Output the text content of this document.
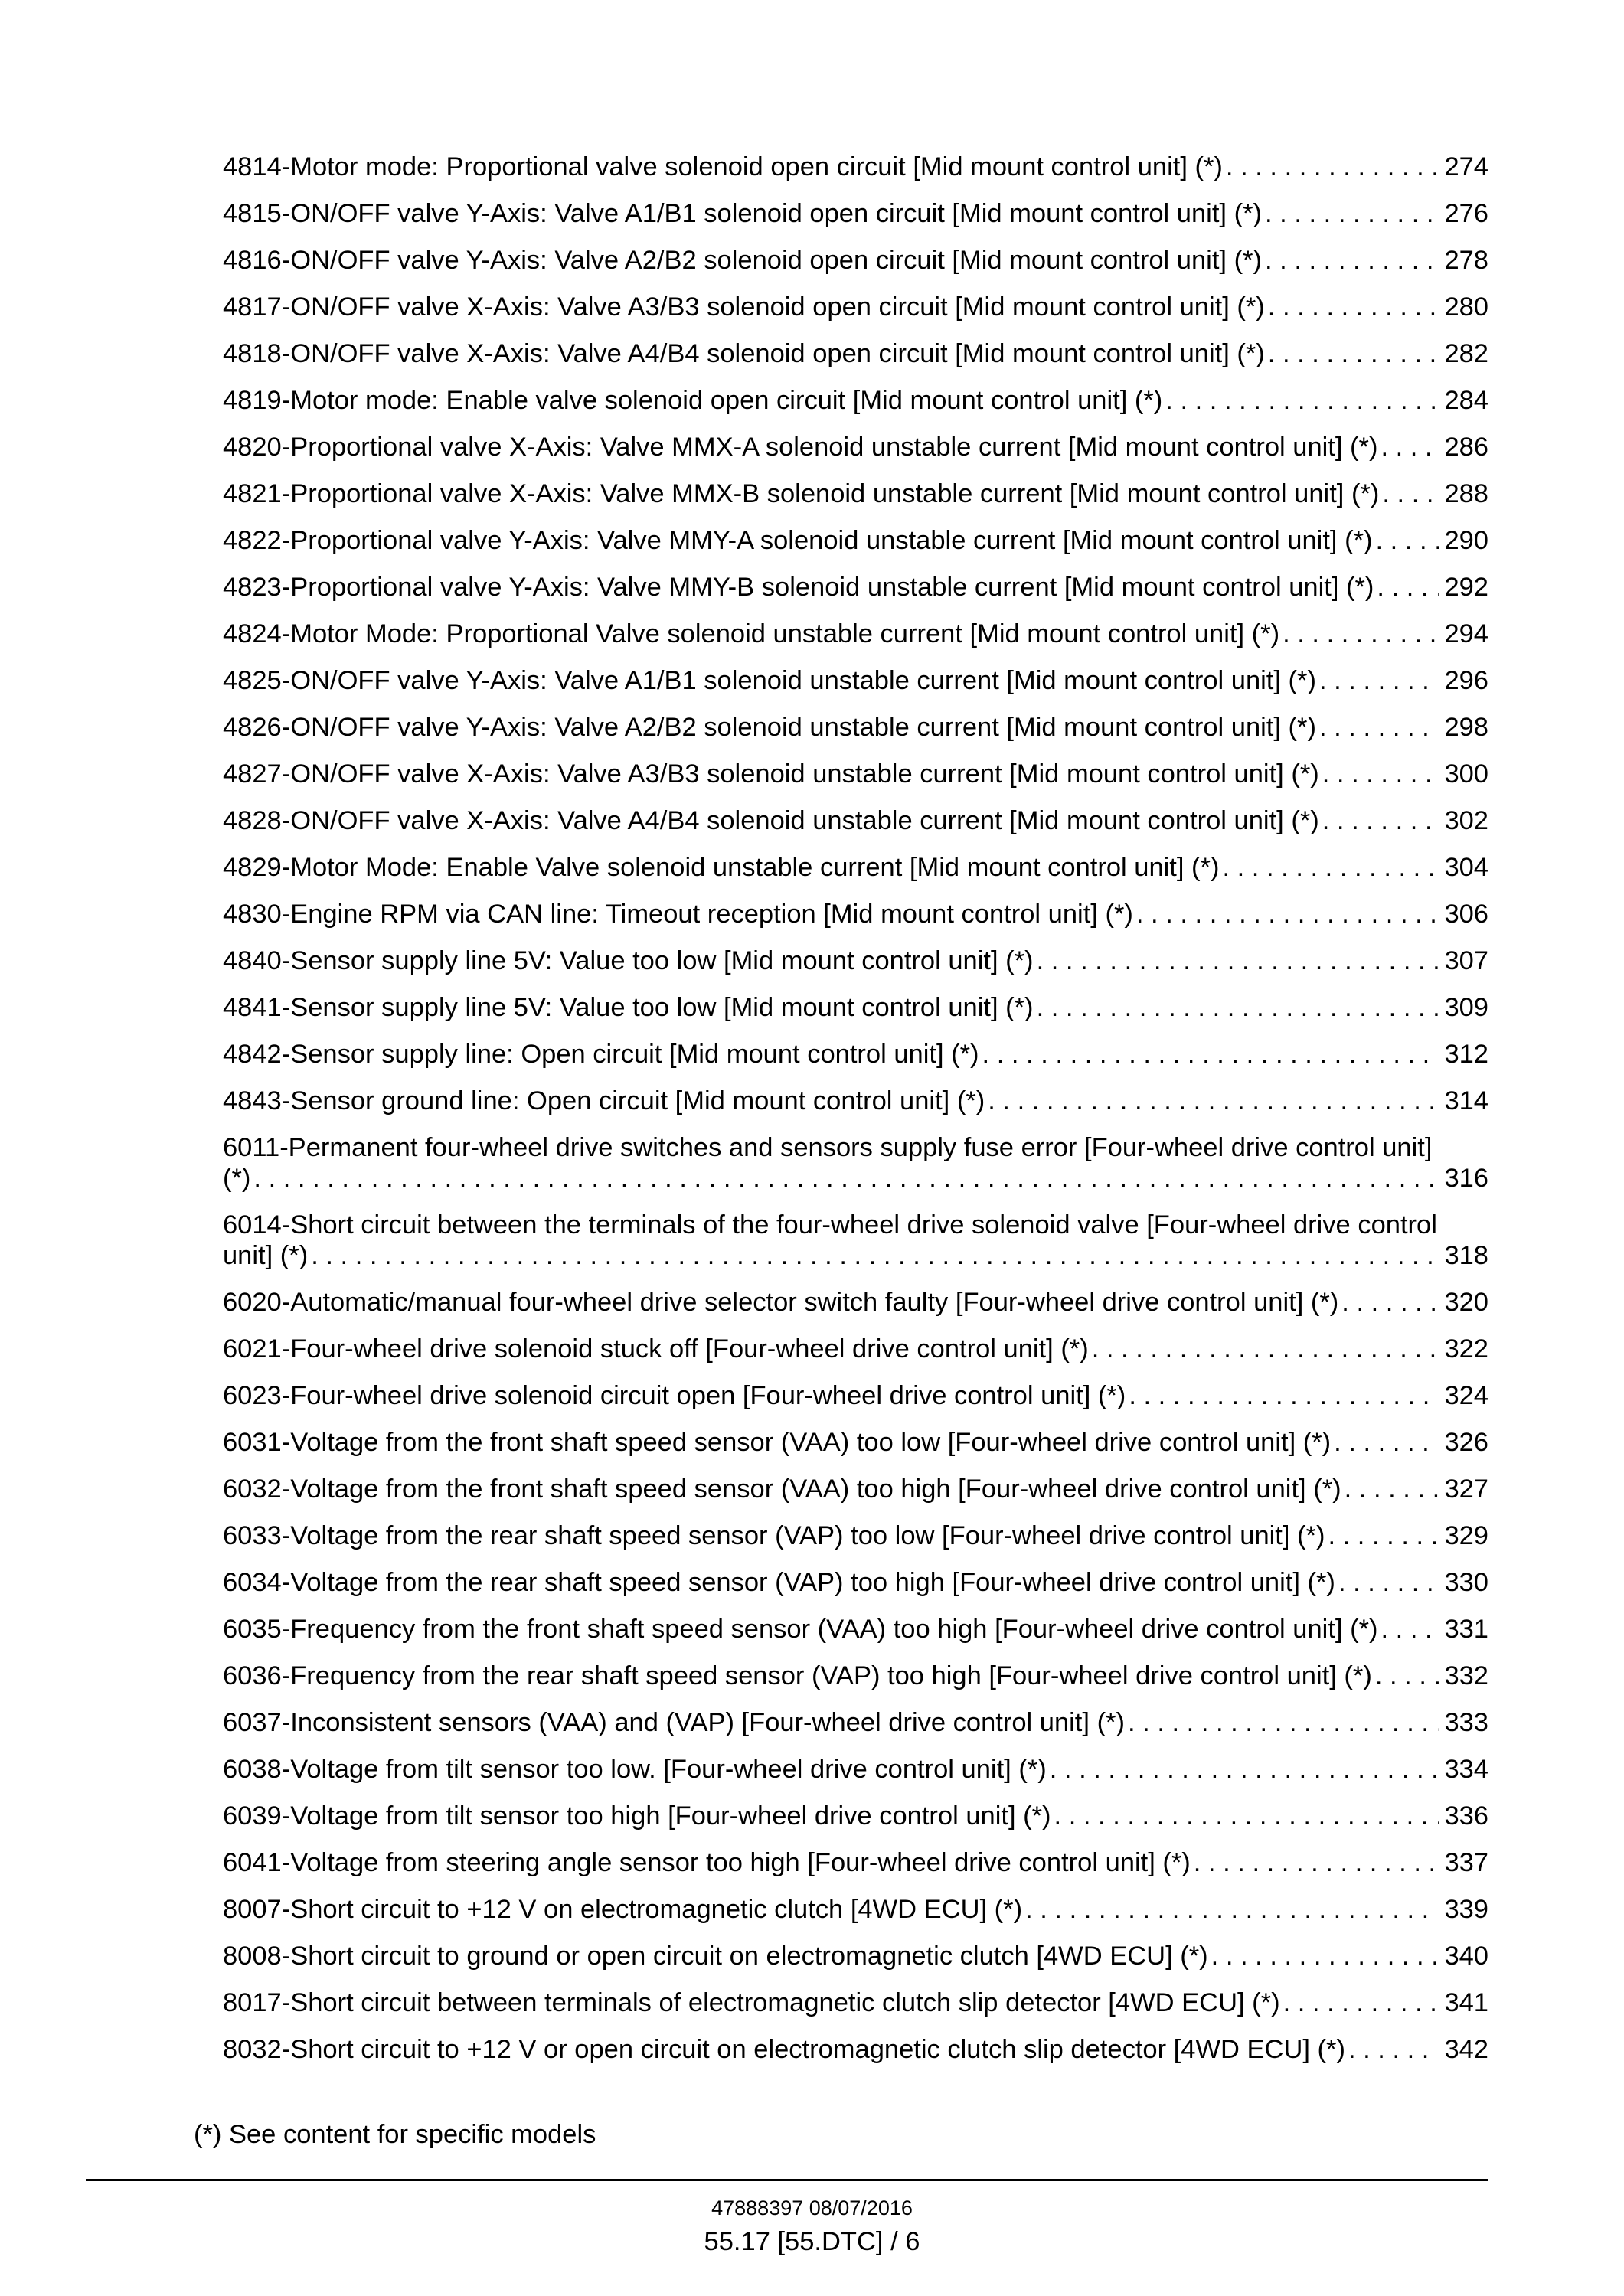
4814-Motor mode: Proportional valve solenoid open circuit [Mid mount control unit] (*) . . .	274
4815-ON/OFF valve Y-Axis: Valve A1/B1 solenoid open circuit [Mid mount control unit] (*) . . .	276
4816-ON/OFF valve Y-Axis: Valve A2/B2 solenoid open circuit [Mid mount control unit] (*) . . .	278
4817-ON/OFF valve X-Axis: Valve A3/B3 solenoid open circuit [Mid mount control unit] (*) . . .	280
4818-ON/OFF valve X-Axis: Valve A4/B4 solenoid open circuit [Mid mount control unit] (*) . . .	282
4819-Motor mode: Enable valve solenoid open circuit [Mid mount control unit] (*) . . .	284
4820-Proportional valve X-Axis: Valve MMX-A solenoid unstable current [Mid mount control unit] (*) . . .	286
4821-Proportional valve X-Axis: Valve MMX-B solenoid unstable current [Mid mount control unit] (*) . . . 288
4822-Proportional valve Y-Axis: Valve MMY-A solenoid unstable current [Mid mount control unit] (*) . . .	290
4823-Proportional valve Y-Axis: Valve MMY-B solenoid unstable current [Mid mount control unit] (*) . . .	292
4824-Motor Mode: Proportional Valve solenoid unstable current [Mid mount control unit] (*) . . .	294
4825-ON/OFF valve Y-Axis: Valve A1/B1 solenoid unstable current [Mid mount control unit] (*) . . .	296
4826-ON/OFF valve Y-Axis: Valve A2/B2 solenoid unstable current [Mid mount control unit] (*) . . .	298
4827-ON/OFF valve X-Axis: Valve A3/B3 solenoid unstable current [Mid mount control unit] (*) . . .	300
4828-ON/OFF valve X-Axis: Valve A4/B4 solenoid unstable current [Mid mount control unit] (*) . . .	302
4829-Motor Mode: Enable Valve solenoid unstable current [Mid mount control unit] (*) . . .	304
4830-Engine RPM via CAN line: Timeout reception [Mid mount control unit] (*) . . .	306
4840-Sensor supply line 5V: Value too low [Mid mount control unit] (*) . . .	307
4841-Sensor supply line 5V: Value too low [Mid mount control unit] (*) . . .	309
4842-Sensor supply line: Open circuit [Mid mount control unit] (*) . . .	312
4843-Sensor ground line: Open circuit [Mid mount control unit] (*) . . .	314
6011-Permanent four-wheel drive switches and sensors supply fuse error [Four-wheel drive control unit]
(*) . . .	316
6014-Short circuit between the terminals of the four-wheel drive solenoid valve [Four-wheel drive control
unit] (*) . . .	318
6020-Automatic/manual four-wheel drive selector switch faulty [Four-wheel drive control unit] (*) . . .	320
6021-Four-wheel drive solenoid stuck off [Four-wheel drive control unit] (*) . . .	322
6023-Four-wheel drive solenoid circuit open [Four-wheel drive control unit] (*) . . .	324
6031-Voltage from the front shaft speed sensor (VAA) too low [Four-wheel drive control unit] (*) . . .	326
6032-Voltage from the front shaft speed sensor (VAA) too high [Four-wheel drive control unit] (*) . . .	327
6033-Voltage from the rear shaft speed sensor (VAP) too low [Four-wheel drive control unit] (*) . . .	329
6034-Voltage from the rear shaft speed sensor (VAP) too high [Four-wheel drive control unit] (*) . . .	330
6035-Frequency from the front shaft speed sensor (VAA) too high [Four-wheel drive control unit] (*) . . .	331
6036-Frequency from the rear shaft speed sensor (VAP) too high [Four-wheel drive control unit] (*) . . .	332
6037-Inconsistent sensors (VAA) and (VAP) [Four-wheel drive control unit] (*) . . .	333
6038-Voltage from tilt sensor too low. [Four-wheel drive control unit] (*) . . .	334
6039-Voltage from tilt sensor too high [Four-wheel drive control unit] (*) . . .	336
6041-Voltage from steering angle sensor too high [Four-wheel drive control unit] (*) . . .	337
8007-Short circuit to +12 V on electromagnetic clutch [4WD ECU] (*) . . .	339
8008-Short circuit to ground or open circuit on electromagnetic clutch [4WD ECU] (*) . . .	340
8017-Short circuit between terminals of electromagnetic clutch slip detector [4WD ECU] (*) . . .	341
8032-Short circuit to +12 V or open circuit on electromagnetic clutch slip detector [4WD ECU] (*) . . .	342
(*) See content for specific models
47888397 08/07/2016
55.17 [55.DTC] / 6
